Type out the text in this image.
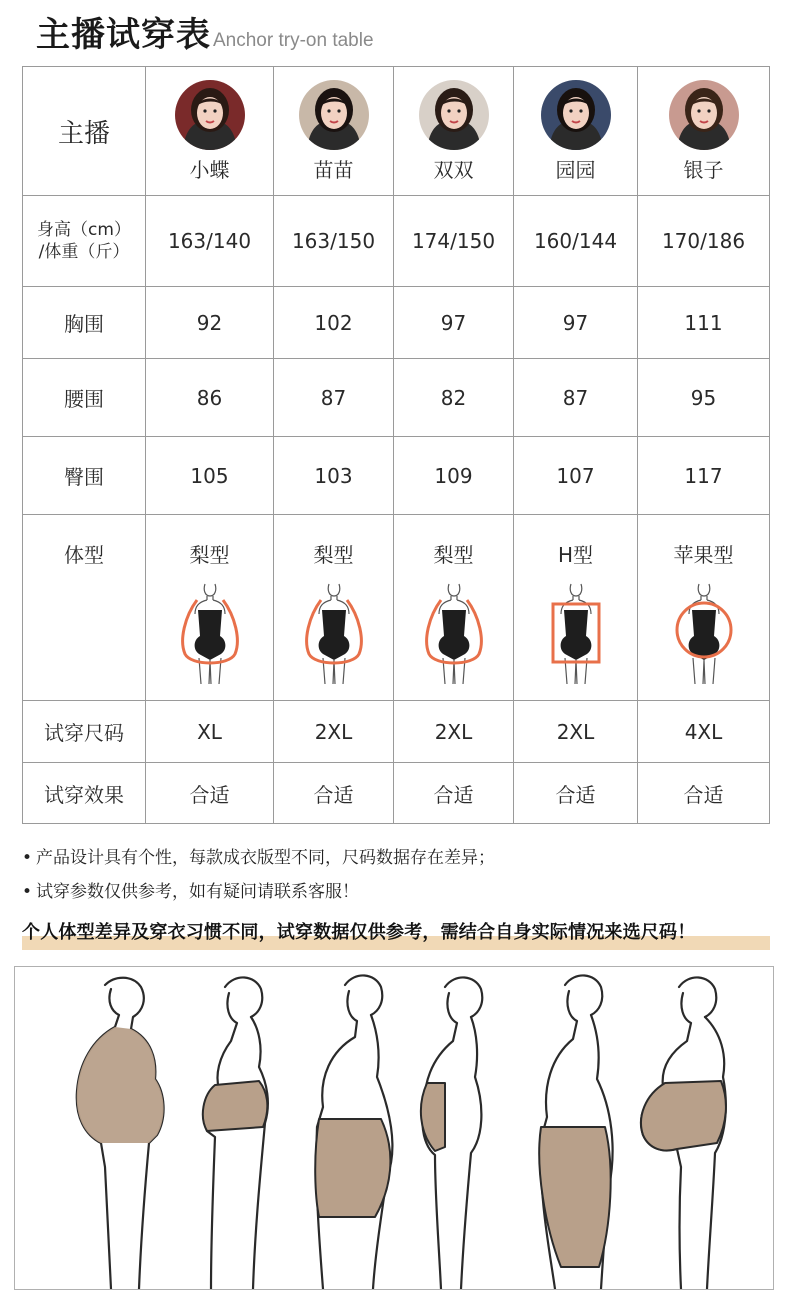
主播试穿表 Anchor try-on table
主播	小蝶	苗苗	双双	园园	银子
身高（cm）
/体重（斤）	163/140	163/150	174/150	160/144	170/186
胸围	92	102	97	97	111
腰围	86	87	82	87	95
臀围	105	103	109	107	117
体型	梨型	梨型	梨型	H型	苹果型

试穿尺码	XL	2XL	2XL	2XL	4XL
试穿效果	合适	合适	合适	合适	合适
• 产品设计具有个性，每款成衣版型不同，尺码数据存在差异；
• 试穿参数仅供参考，如有疑问请联系客服！
个人体型差异及穿衣习惯不同，试穿数据仅供参考，需结合自身实际情况来选尺码！
